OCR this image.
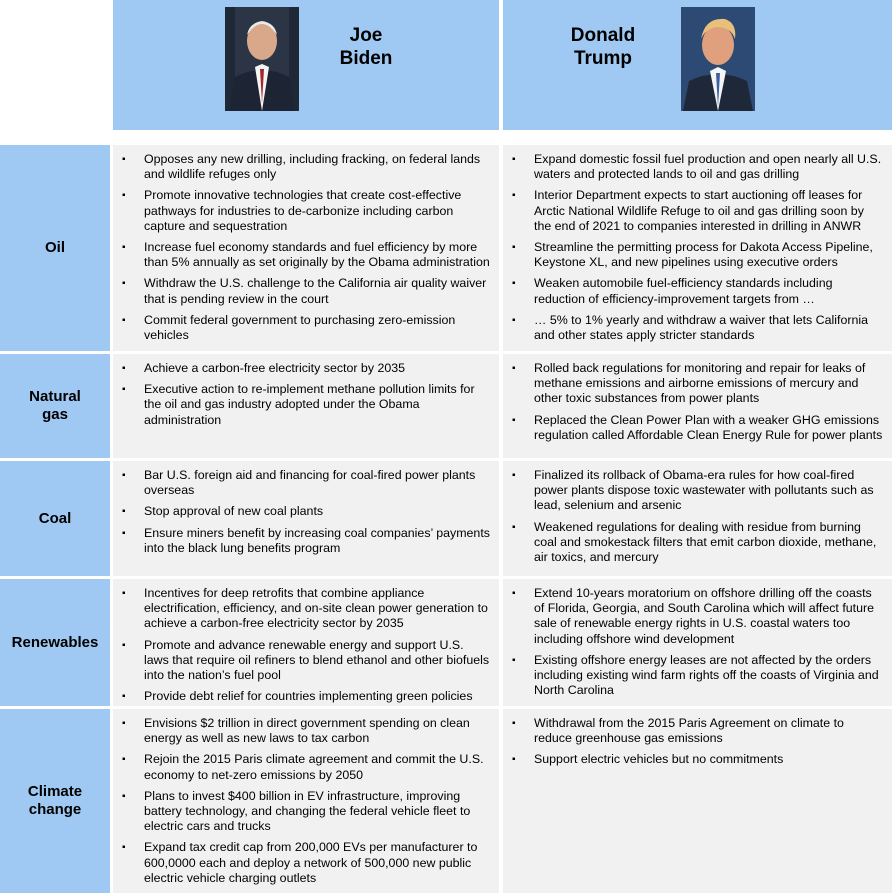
Joe
Biden
Donald
Trump
Oil
▪ Opposes any new drilling, including fracking, on federal lands and wildlife refuges only
▪ Promote innovative technologies that create cost-effective pathways for industries to de-carbonize including carbon capture and sequestration
▪ Increase fuel economy standards and fuel efficiency by more than 5% annually as set originally by the Obama administration
▪ Withdraw the U.S. challenge to the California air quality waiver that is pending review in the court
▪ Commit federal government to purchasing zero-emission vehicles
▪ Expand domestic fossil fuel production and open nearly all U.S. waters and protected lands to oil and gas drilling
▪ Interior Department expects to start auctioning off leases for Arctic National Wildlife Refuge to oil and gas drilling soon by the end of 2021 to companies interested in drilling in ANWR
▪ Streamline the permitting process for Dakota Access Pipeline, Keystone XL, and new pipelines using executive orders
▪ Weaken automobile fuel-efficiency standards including reduction of efficiency-improvement targets from …
▪ … 5% to 1% yearly and withdraw a waiver that lets California and other states apply stricter standards
Natural gas
▪ Achieve a carbon-free electricity sector by 2035
▪ Executive action to re-implement methane pollution limits for the oil and gas industry adopted under the Obama administration
▪ Rolled back regulations for monitoring and repair for leaks of methane emissions and airborne emissions of mercury and other toxic substances from power plants
▪ Replaced the Clean Power Plan with a weaker GHG emissions regulation called Affordable Clean Energy Rule for power plants
Coal
▪ Bar U.S. foreign aid and financing for coal-fired power plants overseas
▪ Stop approval of new coal plants
▪ Ensure miners benefit by increasing coal companies’ payments into the black lung benefits program
▪ Finalized its rollback of Obama-era rules for how coal-fired power plants dispose toxic wastewater with pollutants such as lead, selenium and arsenic
▪ Weakened regulations for dealing with residue from burning coal and smokestack filters that emit carbon dioxide, methane, air toxics, and mercury
Renewables
▪ Incentives for deep retrofits that combine appliance electrification, efficiency, and on-site clean power generation to achieve a carbon-free electricity sector by 2035
▪ Promote and advance renewable energy and support U.S. laws that require oil refiners to blend ethanol and other biofuels into the nation’s fuel pool
▪ Provide debt relief for countries implementing green policies
▪ Extend 10-years moratorium on offshore drilling off the coasts of Florida, Georgia, and South Carolina which will affect future sale of renewable energy rights in U.S. coastal waters too including offshore wind development
▪ Existing offshore energy leases are not affected by the orders including existing wind farm rights off the coasts of Virginia and North Carolina
Climate change
▪ Envisions $2 trillion in direct government spending on clean energy as well as new laws to tax carbon
▪ Rejoin the 2015 Paris climate agreement and commit the U.S. economy to net-zero emissions by 2050
▪ Plans to invest $400 billion in EV infrastructure, improving battery technology, and changing the federal vehicle fleet to electric cars and trucks
▪ Expand tax credit cap from 200,000 EVs per manufacturer to 600,0000 each and deploy a network of 500,000 new public electric vehicle charging outlets
▪ Withdrawal from the 2015 Paris Agreement on climate to reduce greenhouse gas emissions
▪ Support electric vehicles but no commitments
